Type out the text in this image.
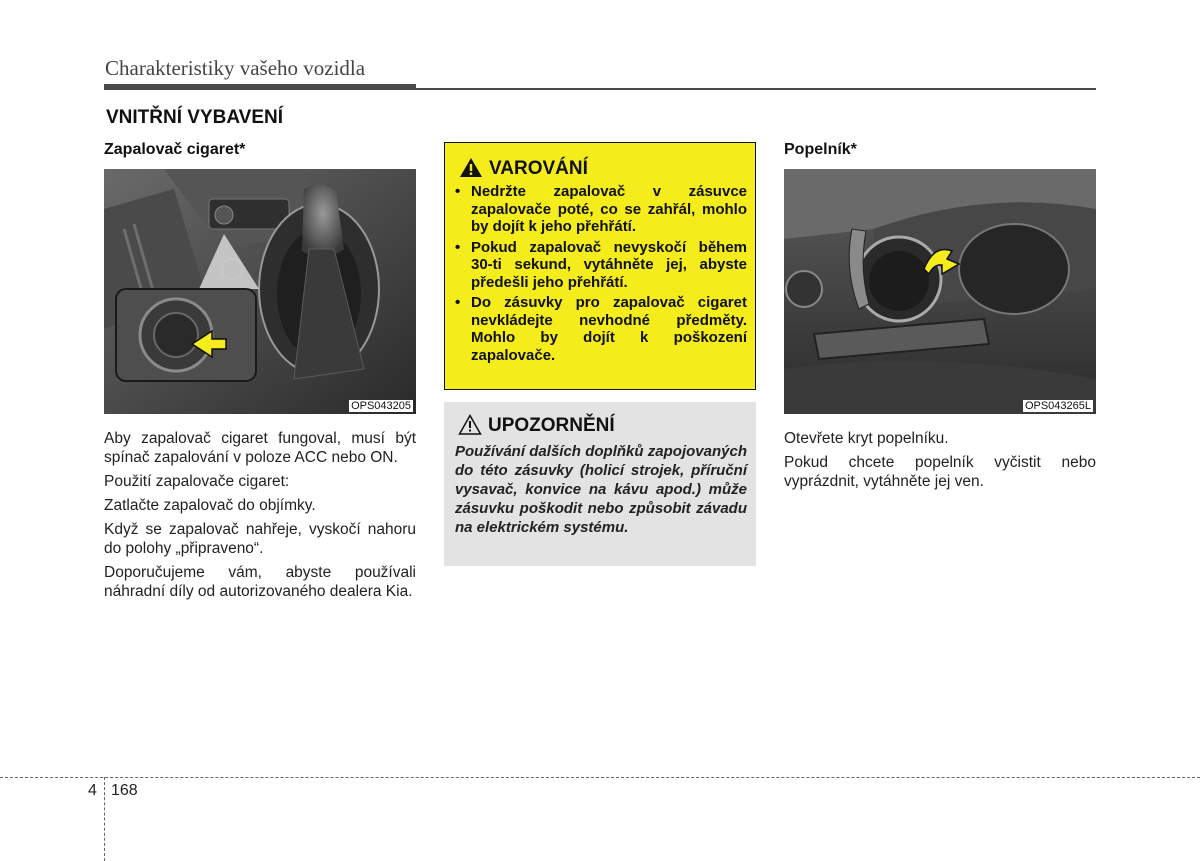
Charakteristiky vašeho vozidla
VNITŘNÍ VYBAVENÍ
Zapalovač cigaret*
OPS043205

Aby zapalovač cigaret fungoval, musí být spínač zapalování v poloze ACC nebo ON.

Použití zapalovače cigaret:

Zatlačte zapalovač do objímky.

Když se zapalovač nahřeje, vyskočí nahoru do polohy „připraveno“.

Doporučujeme vám, abyste používali náhradní díly od autorizovaného dealera Kia.

VAROVÁNÍ
• Nedržte zapalovač v zásuvce zapalovače poté, co se zahřál, mohlo by dojít k jeho přehřátí.
• Pokud zapalovač nevyskočí během 30-ti sekund, vytáhněte jej, abyste předešli jeho přehřátí.
• Do zásuvky pro zapalovač cigaret nevkládejte nevhodné předměty. Mohlo by dojít k poškození zapalovače.
UPOZORNĚNÍ
Používání dalších doplňků zapojovaných do této zásuvky (holicí strojek, příruční vysavač, konvice na kávu apod.) může zásuvku poškodit nebo způsobit závadu na elektrickém systému.
Popelník*
OPS043265L

Otevřete kryt popelníku.

Pokud chcete popelník vyčistit nebo vyprázdnit, vytáhněte jej ven.

4 168
